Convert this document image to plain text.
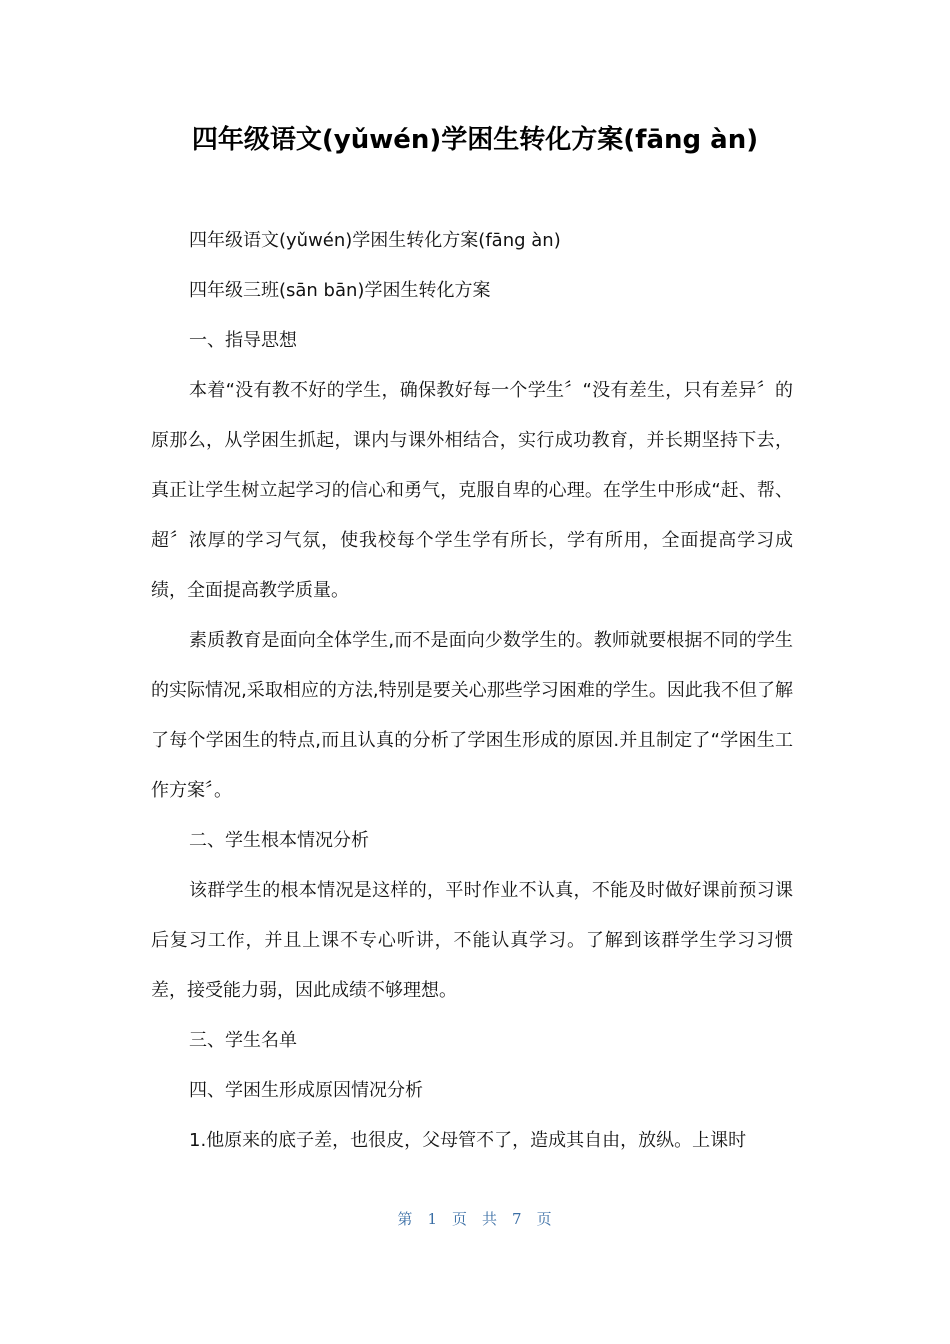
四年级语文(yǔwén)学困生转化方案(fāng àn)

四年级语文(yǔwén)学困生转化方案(fāng àn)

四年级三班(sān bān)学困生转化方案

一、指导思想

本着“没有教不好的学生，确保教好每一个学生〞“没有差生，只有差异〞的原那么，从学困生抓起，课内与课外相结合，实行成功教育，并长期坚持下去，真正让学生树立起学习的信心和勇气，克服自卑的心理。在学生中形成“赶、帮、超〞浓厚的学习气氛，使我校每个学生学有所长，学有所用，全面提高学习成绩，全面提高教学质量。

素质教育是面向全体学生,而不是面向少数学生的。教师就要根据不同的学生的实际情况,采取相应的方法,特别是要关心那些学习困难的学生。因此我不但了解了每个学困生的特点,而且认真的分析了学困生形成的原因.并且制定了“学困生工作方案〞。

二、学生根本情况分析

该群学生的根本情况是这样的，平时作业不认真，不能及时做好课前预习课后复习工作，并且上课不专心听讲，不能认真学习。了解到该群学生学习习惯差，接受能力弱，因此成绩不够理想。

三、学生名单

四、学困生形成原因情况分析

1.他原来的底子差，也很皮，父母管不了，造成其自由，放纵。上课时

第 1 页 共 7 页
